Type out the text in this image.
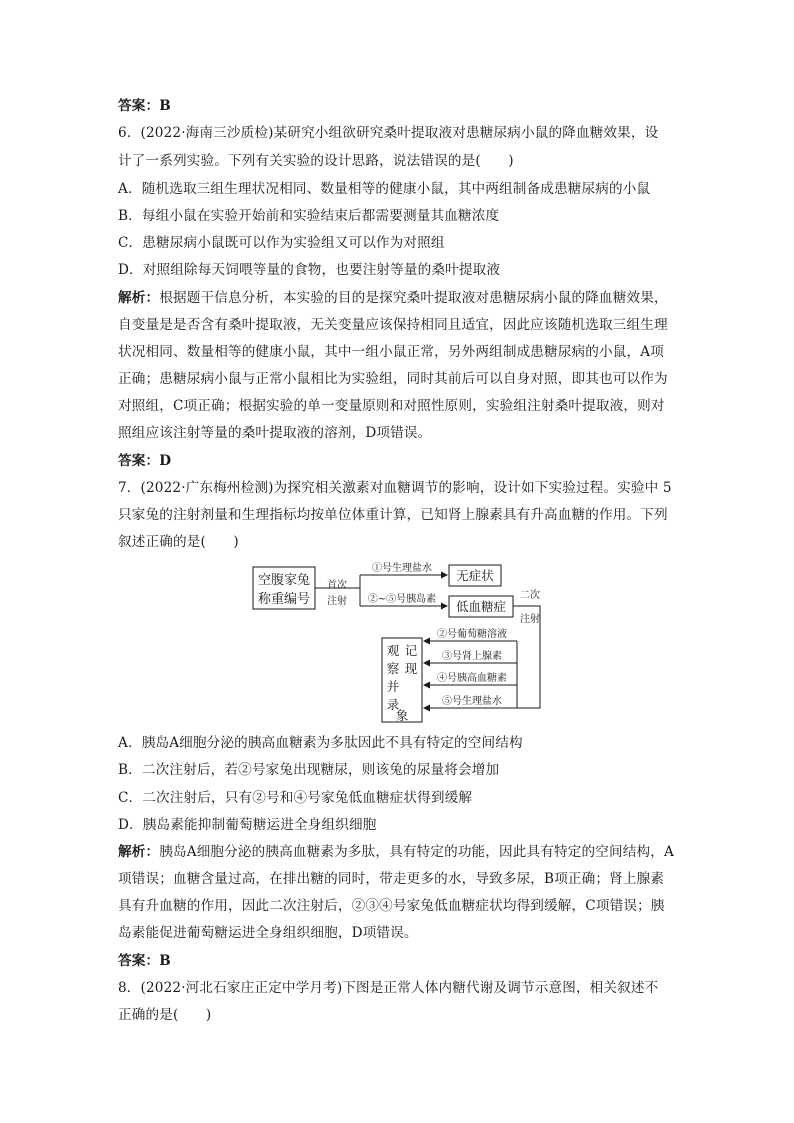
答案：B
6．(2022·海南三沙质检)某研究小组欲研究桑叶提取液对患糖尿病小鼠的降血糖效果，设
计了一系列实验。下列有关实验的设计思路，说法错误的是(　　)
A．随机选取三组生理状况相同、数量相等的健康小鼠，其中两组制备成患糖尿病的小鼠
B．每组小鼠在实验开始前和实验结束后都需要测量其血糖浓度
C．患糖尿病小鼠既可以作为实验组又可以作为对照组
D．对照组除每天饲喂等量的食物，也要注射等量的桑叶提取液
解析：根据题干信息分析，本实验的目的是探究桑叶提取液对患糖尿病小鼠的降血糖效果，
自变量是是否含有桑叶提取液，无关变量应该保持相同且适宜，因此应该随机选取三组生理
状况相同、数量相等的健康小鼠，其中一组小鼠正常，另外两组制成患糖尿病的小鼠，A项
正确；患糖尿病小鼠与正常小鼠相比为实验组，同时其前后可以自身对照，即其也可以作为
对照组，C项正确；根据实验的单一变量原则和对照性原则，实验组注射桑叶提取液，则对
照组应该注射等量的桑叶提取液的溶剂，D项错误。
答案：D
7．(2022·广东梅州检测)为探究相关激素对血糖调节的影响，设计如下实验过程。实验中 5
只家兔的注射剂量和生理指标均按单位体重计算，已知肾上腺素具有升高血糖的作用。下列
叙述正确的是(　　)
空腹家兔
称重编号
首次
注射
①号生理盐水
②~⑤号胰岛素
无症状
低血糖症
二次
注射
②号葡萄糖溶液
③号肾上腺素
④号胰高血糖素
⑤号生理盐水
观
察
并
录
记
现
象
A．胰岛A细胞分泌的胰高血糖素为多肽因此不具有特定的空间结构
B．二次注射后，若②号家兔出现糖尿，则该兔的尿量将会增加
C．二次注射后，只有②号和④号家兔低血糖症状得到缓解
D．胰岛素能抑制葡萄糖运进全身组织细胞
解析：胰岛A细胞分泌的胰高血糖素为多肽，具有特定的功能，因此具有特定的空间结构，A
项错误；血糖含量过高，在排出糖的同时，带走更多的水，导致多尿，B项正确；肾上腺素
具有升血糖的作用，因此二次注射后，②③④号家兔低血糖症状均得到缓解，C项错误；胰
岛素能促进葡萄糖运进全身组织细胞，D项错误。
答案：B
8．(2022·河北石家庄正定中学月考)下图是正常人体内糖代谢及调节示意图，相关叙述不
正确的是(　　)
